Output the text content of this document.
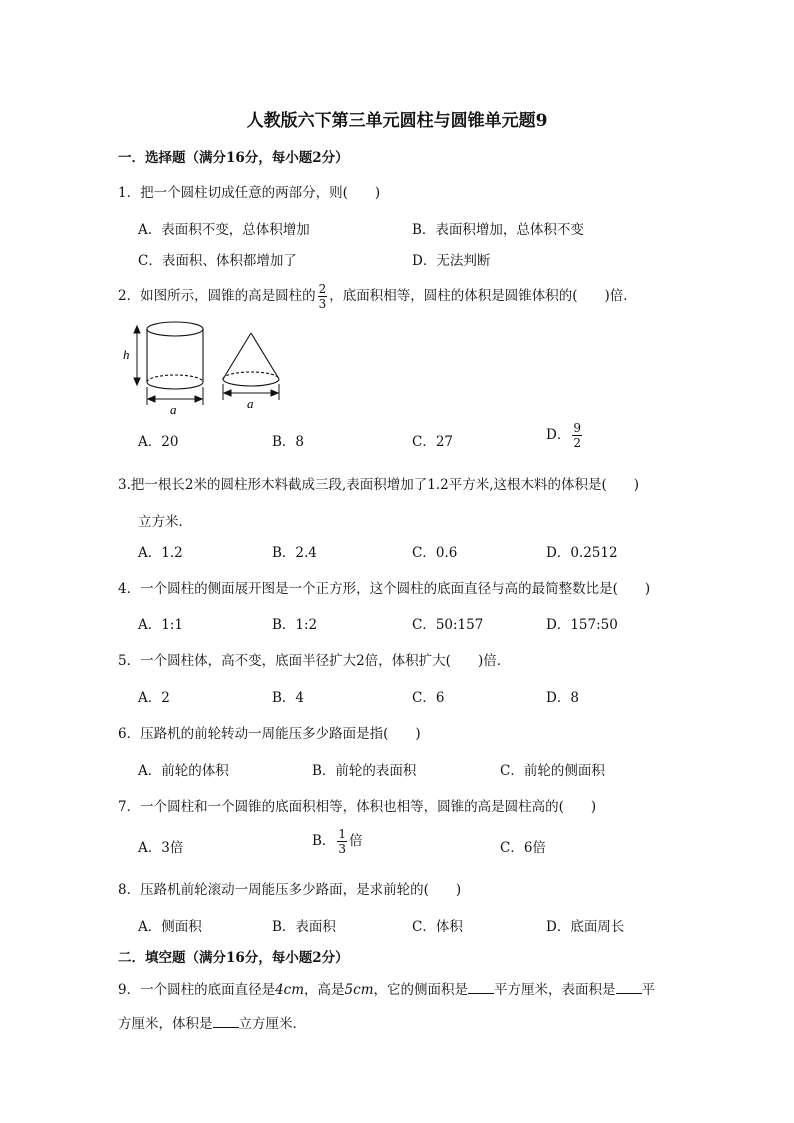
人教版六下第三单元圆柱与圆锥单元题9
一．选择题（满分16分，每小题2分）
1．把一个圆柱切成任意的两部分，则(　　)
A．表面积不变，总体积增加	B．表面积增加，总体积不变
C．表面积、体积都增加了	D．无法判断
2．如图所示，圆锥的高是圆柱的 $\frac{2}{3}$ ，底面积相等，圆柱的体积是圆锥体积的(　　)倍．
h
a	a
A．20	B．8	C．27	D． $\frac{9}{2}$
3.把一根长2米的圆柱形木料截成三段,表面积增加了1.2平方米,这根木料的体积是(　　)
立方米．
A．1.2	B．2.4	C．0.6	D．0.2512
4．一个圆柱的侧面展开图是一个正方形，这个圆柱的底面直径与高的最简整数比是(　　)
A．1:1	B．1:2	C．50:157	D．157:50
5．一个圆柱体，高不变，底面半径扩大2倍，体积扩大(　　)倍．
A．2	B．4	C．6	D．8
6．压路机的前轮转动一周能压多少路面是指(　　)
A．前轮的体积	B．前轮的表面积	C．前轮的侧面积
7．一个圆柱和一个圆锥的底面积相等，体积也相等，圆锥的高是圆柱高的(　　)
A．3倍	B． $\frac{1}{3}$ 倍	C．6倍
8．压路机前轮滚动一周能压多少路面，是求前轮的(　　)
A．侧面积	B．表面积	C．体积	D．底面周长
二．填空题（满分16分，每小题2分）
9．一个圆柱的底面直径是4cm，高是5cm，它的侧面积是 平方厘米，表面积是 平
方厘米，体积是 立方厘米．
